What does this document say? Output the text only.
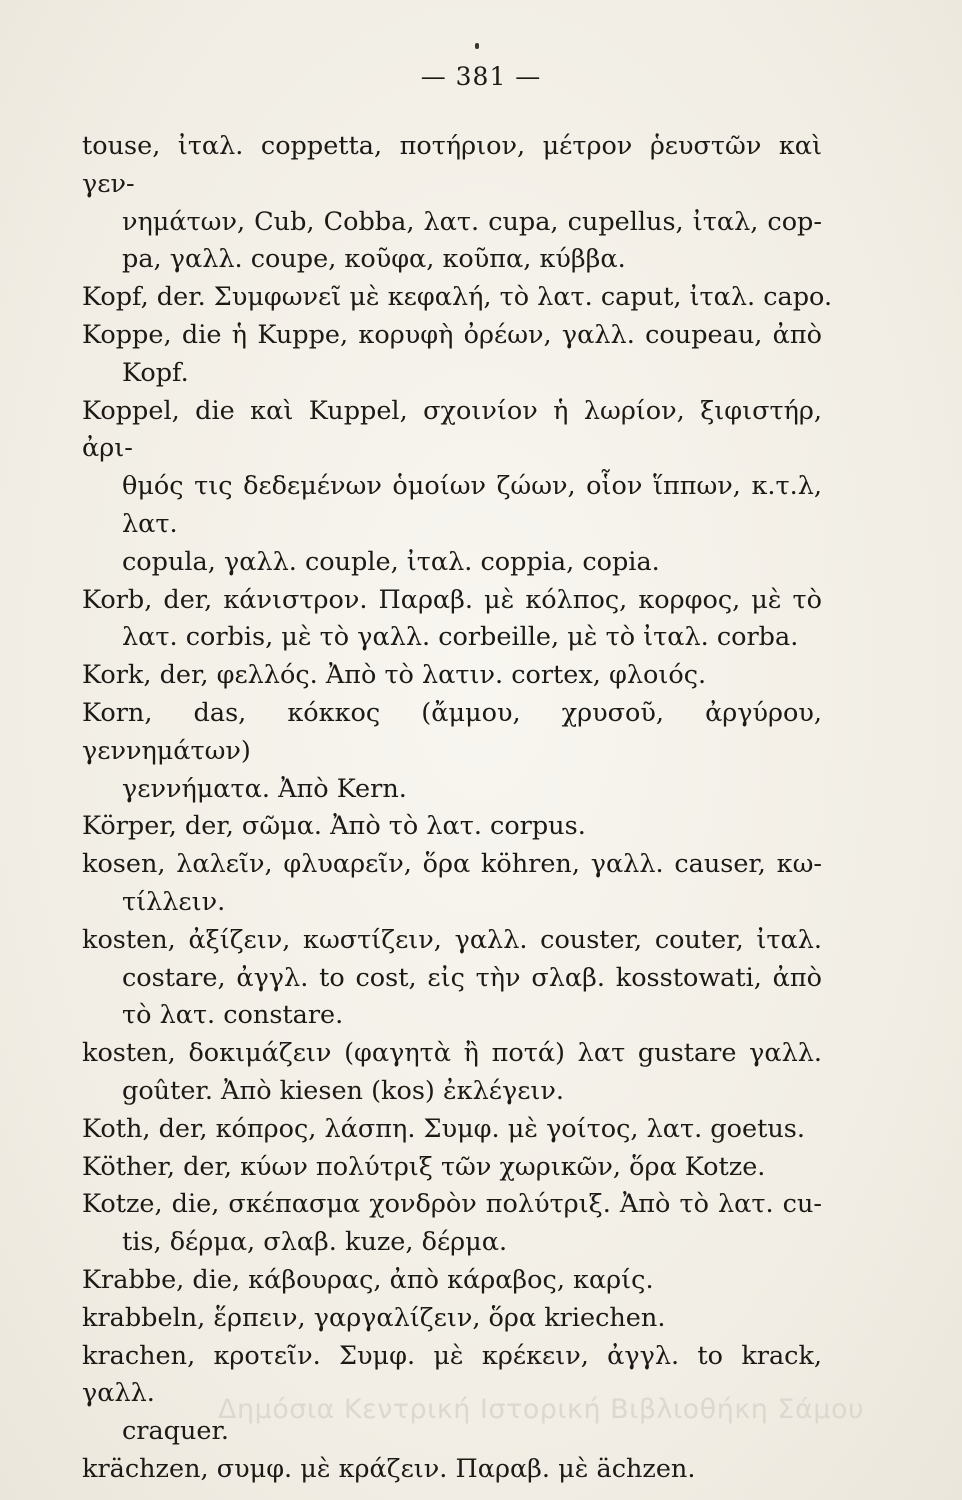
— 381 —
touse, ἰταλ. coppetta, ποτήριον, μέτρον ῥευστῶν καὶ γεν-
νημάτων, Cub, Cobba, λατ. cupa, cupellus, ἰταλ, cop-
pa, γαλλ. coupe, κοῦφα, κοῦπα, κύββα.
Kopf, der. Συμφωνεῖ μὲ κεφαλή, τὸ λατ. caput, ἰταλ. capo.
Koppe, die ἡ Kuppe, κορυφὴ ὀρέων, γαλλ. coupeau, ἀπὸ
Kopf.
Koppel, die καὶ Kuppel, σχοινίον ἡ λωρίον, ξιφιστήρ, ἀρι-
θμός τις δεδεμένων ὁμοίων ζώων, οἷον ἵππων, κ.τ.λ, λατ.
copula, γαλλ. couple, ἰταλ. coppia, copia.
Korb, der, κάνιστρον. Παραβ. μὲ κόλπος, κορφος, μὲ τὸ
λατ. corbis, μὲ τὸ γαλλ. corbeille, μὲ τὸ ἰταλ. corba.
Kork, der, φελλός. Ἀπὸ τὸ λατιν. cortex, φλοιός.
Korn, das, κόκκος (ἄμμου, χρυσοῦ, ἀργύρου, γεννημάτων)
γεννήματα. Ἀπὸ Kern.
Körper, der, σῶμα. Ἀπὸ τὸ λατ. corpus.
kosen, λαλεῖν, φλυαρεῖν, ὅρα köhren, γαλλ. causer, κω-
τίλλειν.
kosten, ἀξίζειν, κωστίζειν, γαλλ. couster, couter, ἰταλ.
costare, ἀγγλ. to cost, εἰς τὴν σλαβ. kosstowati, ἀπὸ
τὸ λατ. constare.
kosten, δοκιμάζειν (φαγητὰ ἢ ποτά) λατ gustare γαλλ.
goûter. Ἀπὸ kiesen (kos) ἐκλέγειν.
Koth, der, κόπρος, λάσπη. Συμφ. μὲ γοίτος, λατ. goetus.
Köther, der, κύων πολύτριξ τῶν χωρικῶν, ὅρα Kotze.
Kotze, die, σκέπασμα χονδρὸν πολύτριξ. Ἀπὸ τὸ λατ. cu-
tis, δέρμα, σλαβ. kuze, δέρμα.
Krabbe, die, κάβουρας, ἀπὸ κάραβος, καρίς.
krabbeln, ἕρπειν, γαργαλίζειν, ὅρα kriechen.
krachen, κροτεῖν. Συμφ. μὲ κρέκειν, ἀγγλ. to krack, γαλλ.
craquer.
krächzen, συμφ. μὲ κράζειν. Παραβ. μὲ ächzen.
Δημόσια Κεντρική Ιστορική Βιβλιοθήκη Σάμου
